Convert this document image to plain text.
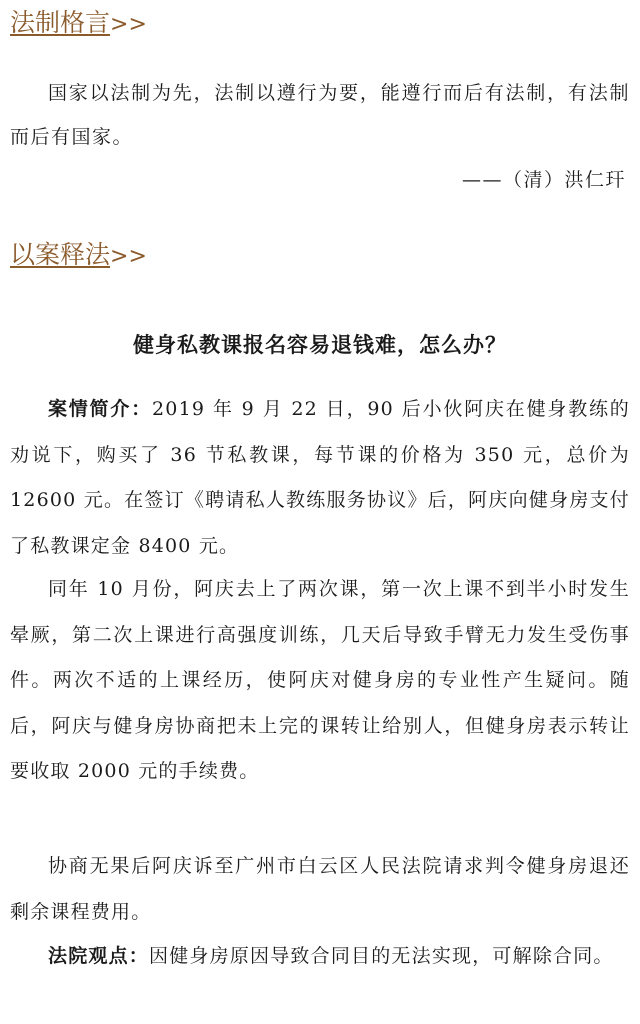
法制格言>>

国家以法制为先，法制以遵行为要，能遵行而后有法制，有法制而后有国家。

——（清）洪仁玕
以案释法>>
健身私教课报名容易退钱难，怎么办？

案情简介：2019 年 9 月 22 日，90 后小伙阿庆在健身教练的劝说下，购买了 36 节私教课，每节课的价格为 350 元，总价为 12600 元。在签订《聘请私人教练服务协议》后，阿庆向健身房支付了私教课定金 8400 元。

同年 10 月份，阿庆去上了两次课，第一次上课不到半小时发生晕厥，第二次上课进行高强度训练，几天后导致手臂无力发生受伤事件。两次不适的上课经历，使阿庆对健身房的专业性产生疑问。随后，阿庆与健身房协商把未上完的课转让给别人，但健身房表示转让要收取 2000 元的手续费。

协商无果后阿庆诉至广州市白云区人民法院请求判令健身房退还剩余课程费用。

法院观点：因健身房原因导致合同目的无法实现，可解除合同。
